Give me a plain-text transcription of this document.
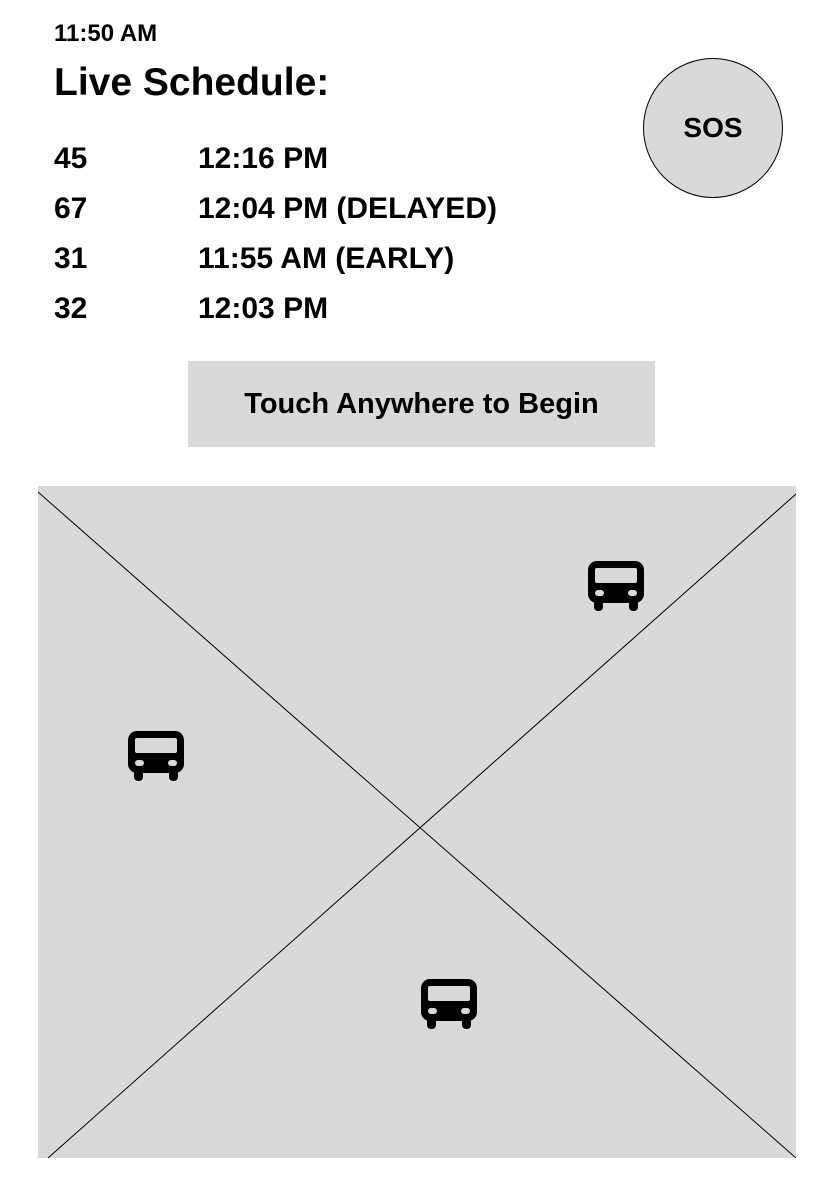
11:50 AM
Live Schedule:
45	12:16 PM
67	12:04 PM (DELAYED)
31	11:55 AM (EARLY)
32	12:03 PM
SOS
Touch Anywhere to Begin
